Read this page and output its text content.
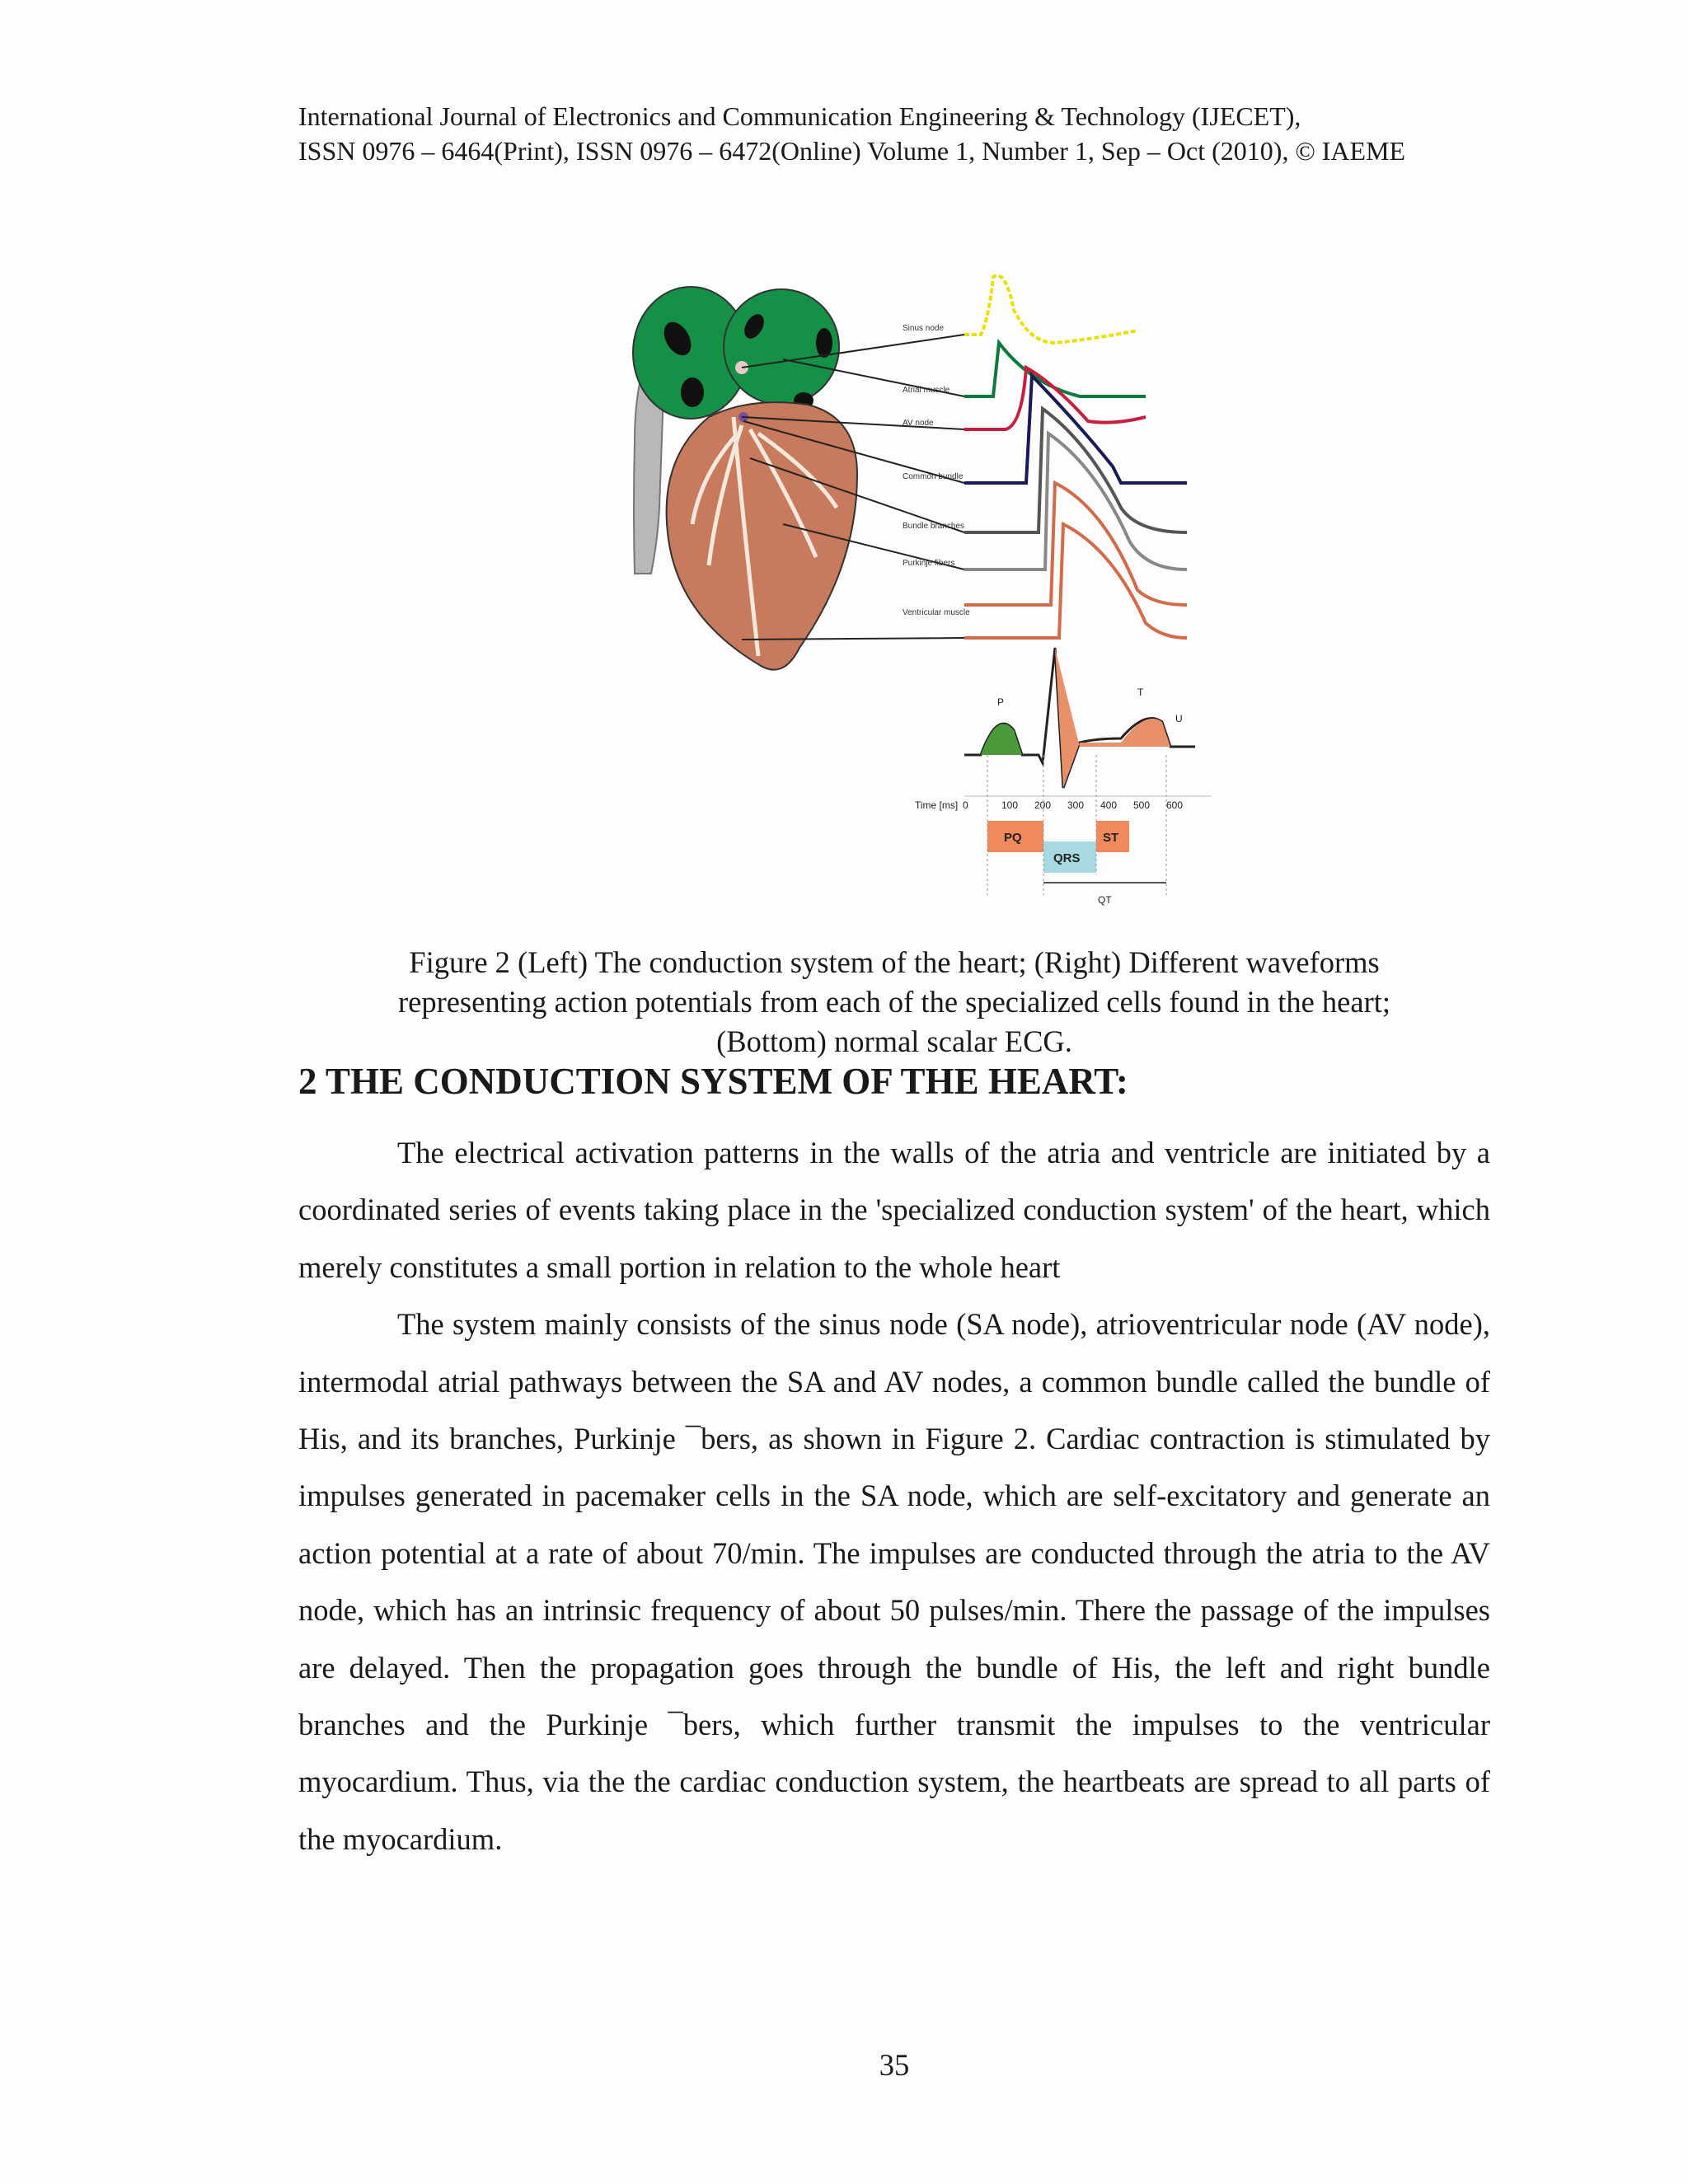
International Journal of Electronics and Communication Engineering & Technology (IJECET),
ISSN 0976 – 6464(Print), ISSN 0976 – 6472(Online) Volume 1, Number 1, Sep – Oct (2010), © IAEME
Sinus node
Atrial muscle
AV node
Common bundle
Bundle branches
Purkinje fibers
Ventricular muscle
P
T
U
Time [ms] 0	100 200 300 400 500 600
PQ
QRS
ST
QT
Figure 2 (Left) The conduction system of the heart; (Right) Different waveforms
representing action potentials from each of the specialized cells found in the heart;
(Bottom) normal scalar ECG.
2 THE CONDUCTION SYSTEM OF THE HEART:

The electrical activation patterns in the walls of the atria and ventricle are initiated by a coordinated series of events taking place in the 'specialized conduction system' of the heart, which merely constitutes a small portion in relation to the whole heart

The system mainly consists of the sinus node (SA node), atrioventricular node (AV node), intermodal atrial pathways between the SA and AV nodes, a common bundle called the bundle of His, and its branches, Purkinje ¯bers, as shown in Figure 2. Cardiac contraction is stimulated by impulses generated in pacemaker cells in the SA node, which are self-excitatory and generate an action potential at a rate of about 70/min. The impulses are conducted through the atria to the AV node, which has an intrinsic frequency of about 50 pulses/min. There the passage of the impulses are delayed. Then the propagation goes through the bundle of His, the left and right bundle branches and the Purkinje ¯bers, which further transmit the impulses to the ventricular myocardium. Thus, via the the cardiac conduction system, the heartbeats are spread to all parts of the myocardium.

35
